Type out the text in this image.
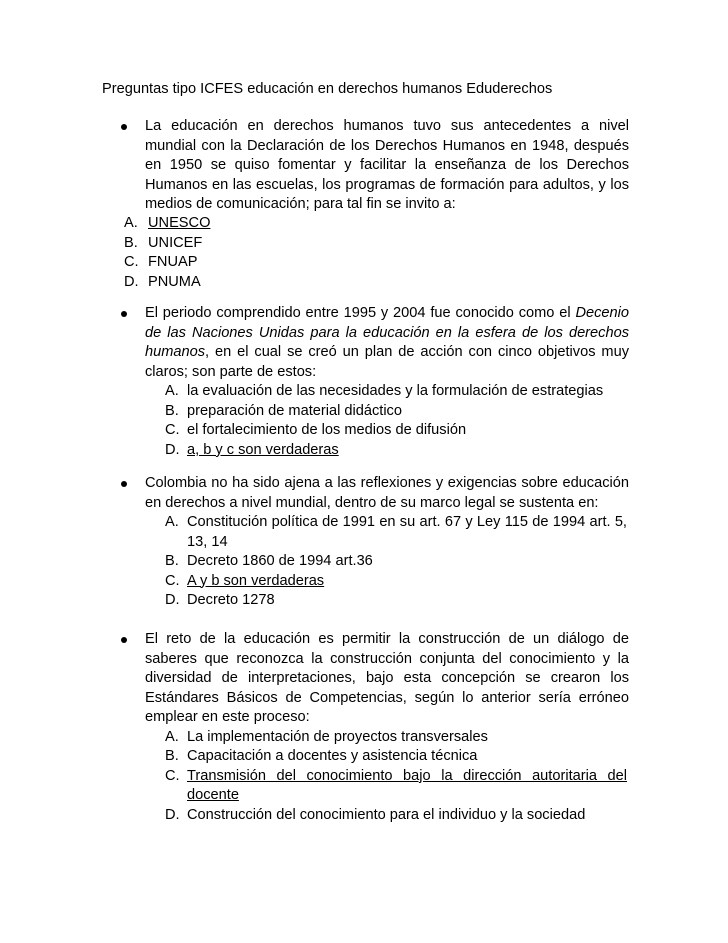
Preguntas tipo ICFES educación en derechos humanos Eduderechos
La educación en derechos humanos tuvo sus antecedentes a nivel mundial con la Declaración de los Derechos Humanos en 1948, después en 1950 se quiso fomentar y facilitar la enseñanza de los Derechos Humanos en las escuelas, los programas de formación para adultos, y los medios de comunicación; para tal fin se invito a:
A. UNESCO
B. UNICEF
C. FNUAP
D. PNUMA
El periodo comprendido entre 1995 y 2004 fue conocido como el Decenio de las Naciones Unidas para la educación en la esfera de los derechos humanos, en el cual se creó un plan de acción con cinco objetivos muy claros; son parte de estos:
A. la evaluación de las necesidades y la formulación de estrategias
B. preparación de material didáctico
C. el fortalecimiento de los medios de difusión
D. a, b y c son verdaderas
Colombia no ha sido ajena a las reflexiones y exigencias sobre educación en derechos a nivel mundial, dentro de su marco legal se sustenta en:
A. Constitución política de 1991 en su art. 67 y Ley 115 de 1994 art. 5, 13, 14
B. Decreto 1860 de 1994 art.36
C. A y b son verdaderas
D. Decreto 1278
El reto de la educación es permitir la construcción de un diálogo de saberes que reconozca la construcción conjunta del conocimiento y la diversidad de interpretaciones, bajo esta concepción se crearon los Estándares Básicos de Competencias, según lo anterior sería erróneo emplear en este proceso:
A. La implementación de proyectos transversales
B. Capacitación a docentes y asistencia técnica
C. Transmisión del conocimiento bajo la dirección autoritaria del docente
D. Construcción del conocimiento para el individuo y la sociedad
